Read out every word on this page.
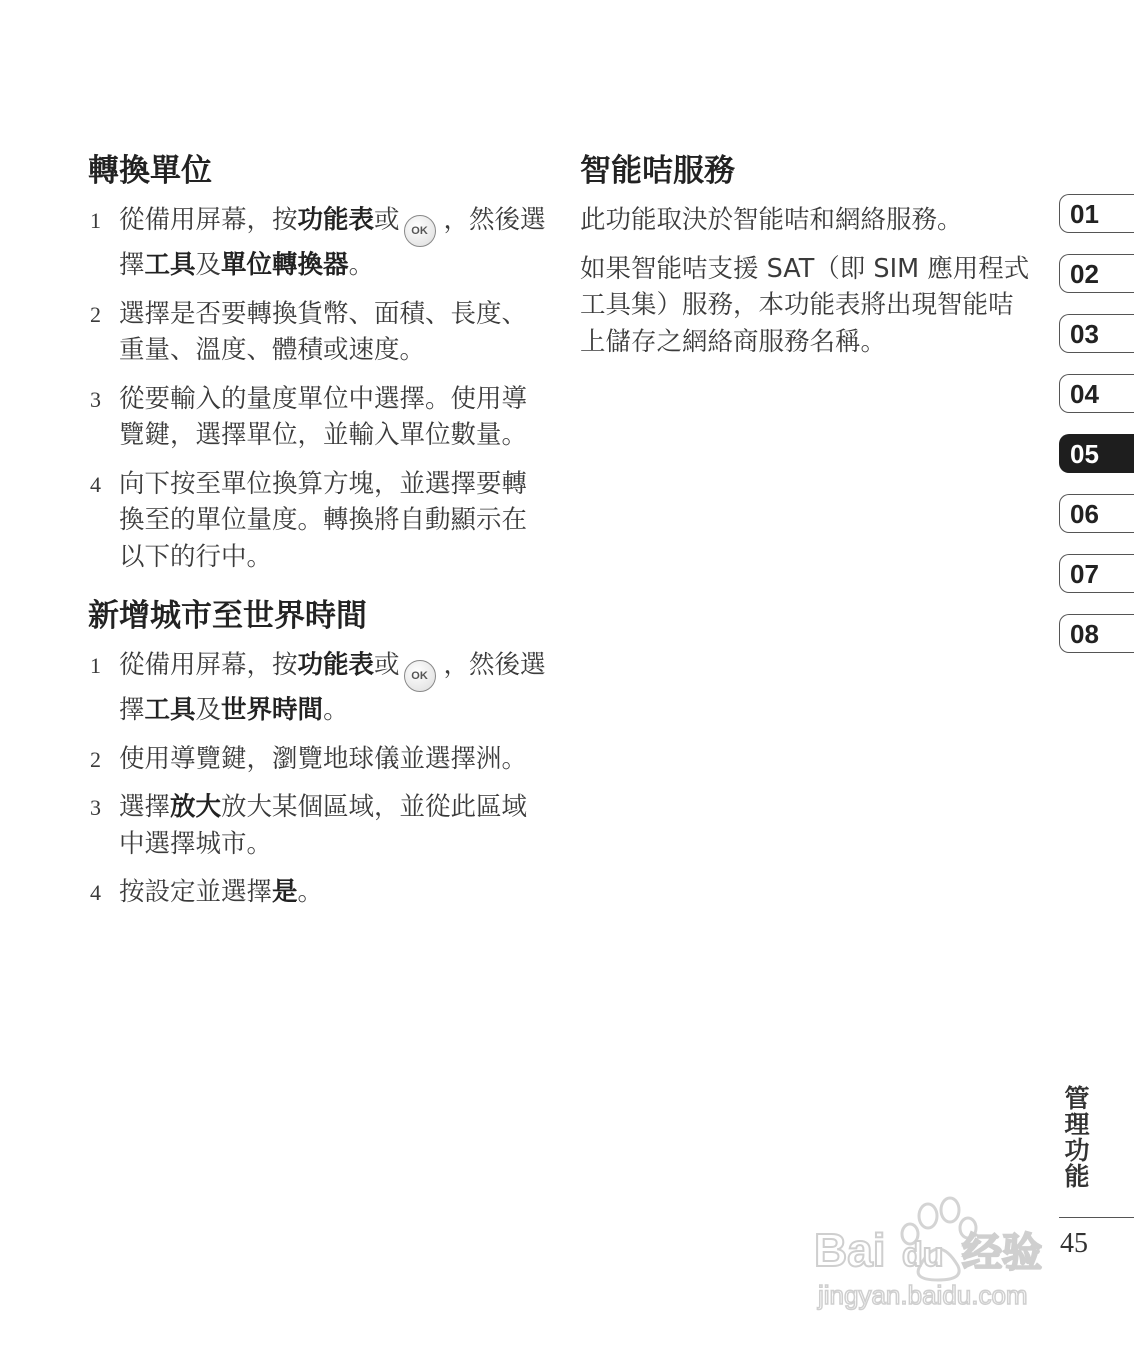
轉換單位
1 從備用屏幕，按功能表或 OK ，然後選擇工具及單位轉換器。
2 選擇是否要轉換貨幣、面積、長度、重量、溫度、體積或速度。
3 從要輸入的量度單位中選擇。使用導覽鍵，選擇單位，並輸入單位數量。
4 向下按至單位換算方塊，並選擇要轉換至的單位量度。轉換將自動顯示在以下的行中。
新增城市至世界時間
1 從備用屏幕，按功能表或 OK ，然後選擇工具及世界時間。
2 使用導覽鍵，瀏覽地球儀並選擇洲。
3 選擇放大放大某個區域，並從此區域中選擇城市。
4 按設定並選擇是。
智能咭服務

此功能取決於智能咭和網絡服務。

如果智能咭支援 SAT（即 SIM 應用程式工具集）服務，本功能表將出現智能咭上儲存之網絡商服務名稱。

01
02
03
04
05
06
07
08
管理功能
45
Bai du 经验
jingyan.baidu.com
